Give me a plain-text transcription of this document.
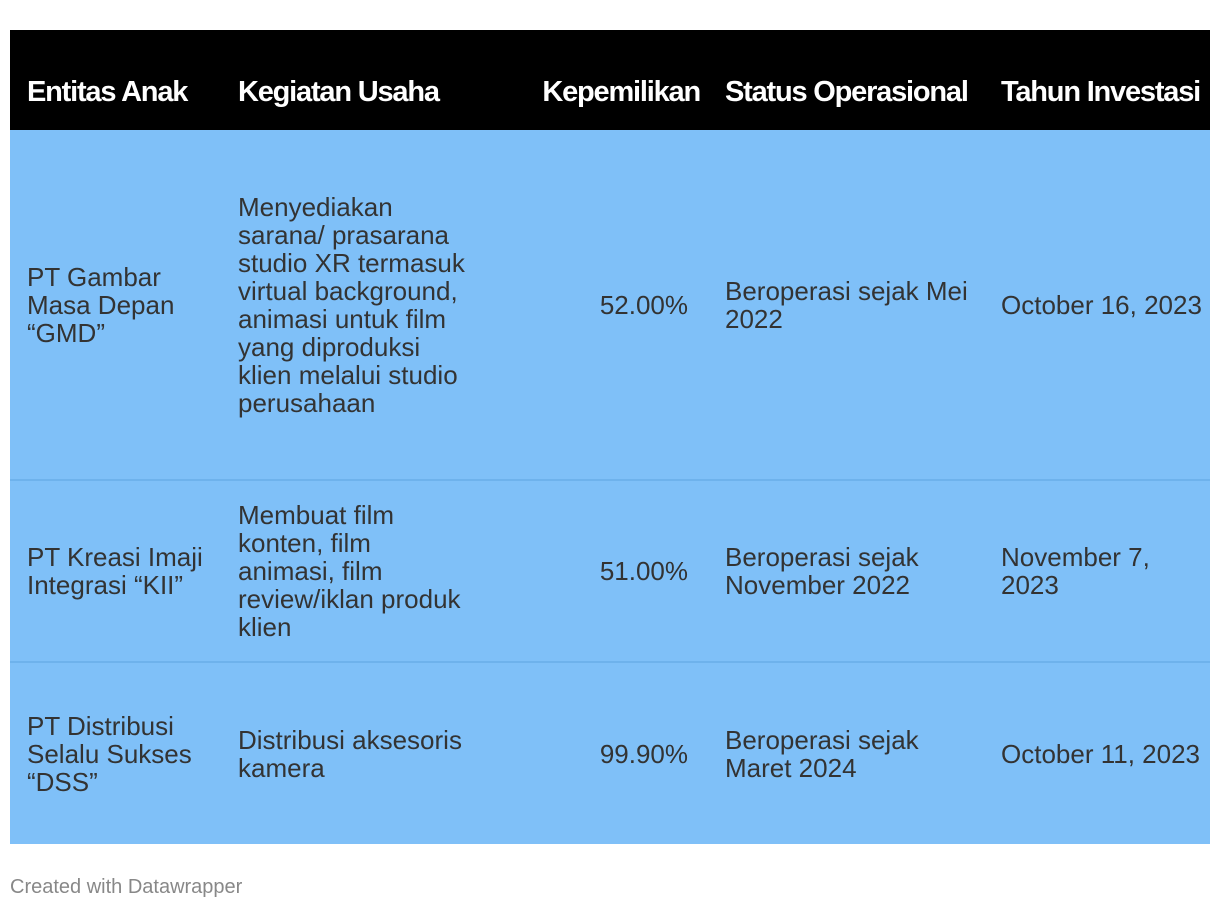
Entitas Anak	Kegiatan Usaha	Kepemilikan	Status Operasional	Tahun Investasi
PT Gambar Masa Depan “GMD”	Menyediakan sarana/ prasarana studio XR termasuk virtual background, animasi untuk film yang diproduksi klien melalui studio perusahaan	52.00%	Beroperasi sejak Mei 2022	October 16, 2023
PT Kreasi Imaji Integrasi “KII”	Membuat film konten, film animasi, film review/iklan produk klien	51.00%	Beroperasi sejak November 2022	November 7, 2023
PT Distribusi Selalu Sukses “DSS”	Distribusi aksesoris kamera	99.90%	Beroperasi sejak Maret 2024	October 11, 2023
Created with Datawrapper
